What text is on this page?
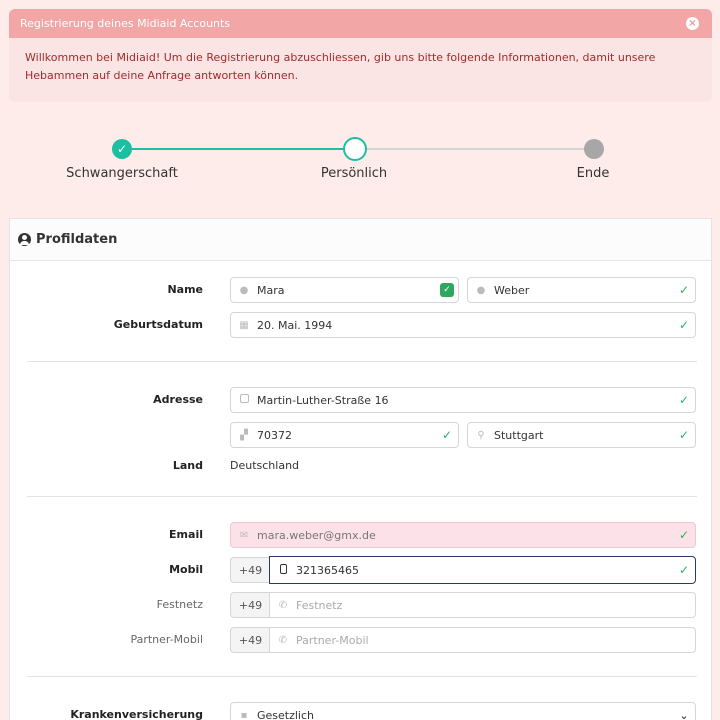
Registrierung deines Midiaid Accounts	×
Willkommen bei Midiaid! Um die Registrierung abzuschliessen, gib uns bitte folgende Informationen, damit unsere Hebammen auf deine Anfrage antworten können.
✓
Schwangerschaft	Persönlich	Ende
Profildaten
Name	● Mara	✓	● Weber	✓
Geburtsdatum	▦ 20. Mai. 1994	✓
Adresse	Martin-Luther-Straße 16	✓
▞ 70372	✓	⚲ Stuttgart	✓
Land Deutschland
Email	✉ mara.weber@gmx.de	✓
Mobil	+49	321365465	✓
Festnetz	+49	✆ Festnetz
Partner-Mobil	+49	✆ Partner-Mobil
Krankenversicherung	▪ Gesetzlich	⌄
